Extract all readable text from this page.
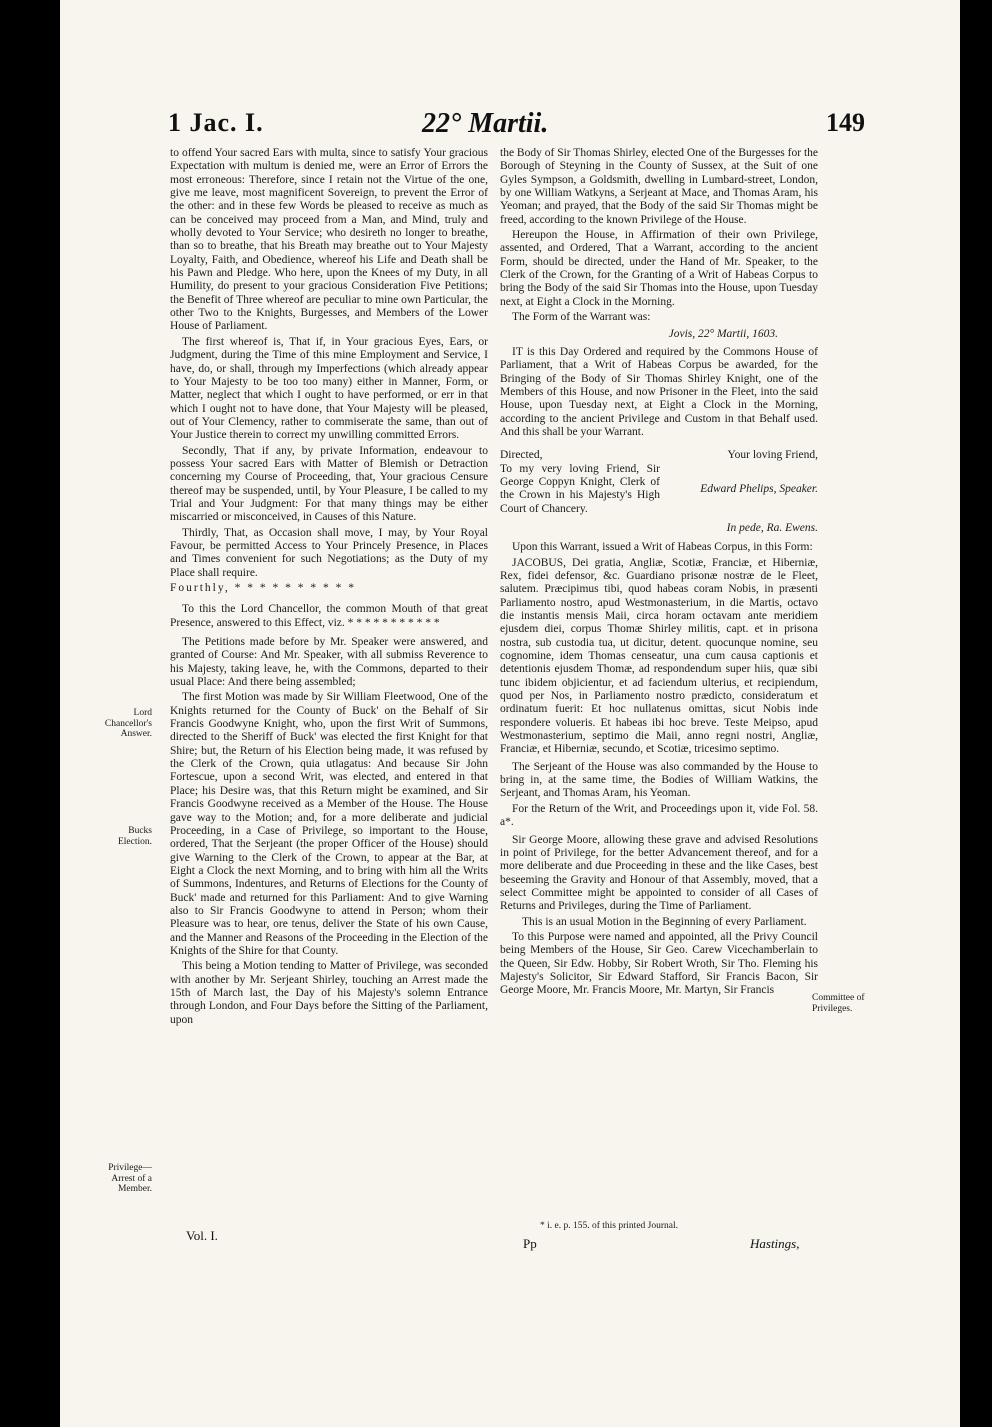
1 Jac. I.	22° Martii.	149
Lord Chancellor's Answer.
Bucks Election.
Privilege—Arrest of a Member.
Committee of Privileges.

to offend Your sacred Ears with multa, since to satisfy Your gracious Expectation with multum is denied me, were an Error of Errors the most erroneous: Therefore, since I retain not the Virtue of the one, give me leave, most magnificent Sovereign, to prevent the Error of the other: and in these few Words be pleased to receive as much as can be conceived may proceed from a Man, and Mind, truly and wholly devoted to Your Service; who desireth no longer to breathe, than so to breathe, that his Breath may breathe out to Your Majesty Loyalty, Faith, and Obedience, whereof his Life and Death shall be his Pawn and Pledge. Who here, upon the Knees of my Duty, in all Humility, do present to your gracious Consideration Five Petitions; the Benefit of Three whereof are peculiar to mine own Particular, the other Two to the Knights, Burgesses, and Members of the Lower House of Parliament.

The first whereof is, That if, in Your gracious Eyes, Ears, or Judgment, during the Time of this mine Employment and Service, I have, do, or shall, through my Imperfections (which already appear to Your Majesty to be too too many) either in Manner, Form, or Matter, neglect that which I ought to have performed, or err in that which I ought not to have done, that Your Majesty will be pleased, out of Your Clemency, rather to commiserate the same, than out of Your Justice therein to correct my unwilling committed Errors.

Secondly, That if any, by private Information, endeavour to possess Your sacred Ears with Matter of Blemish or Detraction concerning my Course of Proceeding, that, Your gracious Censure thereof may be suspended, until, by Your Pleasure, I be called to my Trial and Your Judgment: For that many things may be either miscarried or misconceived, in Causes of this Nature.

Thirdly, That, as Occasion shall move, I may, by Your Royal Favour, be permitted Access to Your Princely Presence, in Places and Times convenient for such Negotiations; as the Duty of my Place shall require.

Fourthly, * * * * * * * * * *

To this the Lord Chancellor, the common Mouth of that great Presence, answered to this Effect, viz. * * * * * * * * * * *

The Petitions made before by Mr. Speaker were answered, and granted of Course: And Mr. Speaker, with all submiss Reverence to his Majesty, taking leave, he, with the Commons, departed to their usual Place: And there being assembled;

The first Motion was made by Sir William Fleetwood, One of the Knights returned for the County of Buck' on the Behalf of Sir Francis Goodwyne Knight, who, upon the first Writ of Summons, directed to the Sheriff of Buck' was elected the first Knight for that Shire; but, the Return of his Election being made, it was refused by the Clerk of the Crown, quia utlagatus: And because Sir John Fortescue, upon a second Writ, was elected, and entered in that Place; his Desire was, that this Return might be examined, and Sir Francis Goodwyne received as a Member of the House. The House gave way to the Motion; and, for a more deliberate and judicial Proceeding, in a Case of Privilege, so important to the House, ordered, That the Serjeant (the proper Officer of the House) should give Warning to the Clerk of the Crown, to appear at the Bar, at Eight a Clock the next Morning, and to bring with him all the Writs of Summons, Indentures, and Returns of Elections for the County of Buck' made and returned for this Parliament: And to give Warning also to Sir Francis Goodwyne to attend in Person; whom their Pleasure was to hear, ore tenus, deliver the State of his own Cause, and the Manner and Reasons of the Proceeding in the Election of the Knights of the Shire for that County.

This being a Motion tending to Matter of Privilege, was seconded with another by Mr. Serjeant Shirley, touching an Arrest made the 15th of March last, the Day of his Majesty's solemn Entrance through London, and Four Days before the Sitting of the Parliament, upon

the Body of Sir Thomas Shirley, elected One of the Burgesses for the Borough of Steyning in the County of Sussex, at the Suit of one Gyles Sympson, a Goldsmith, dwelling in Lumbard-street, London, by one William Watkyns, a Serjeant at Mace, and Thomas Aram, his Yeoman; and prayed, that the Body of the said Sir Thomas might be freed, according to the known Privilege of the House.

Hereupon the House, in Affirmation of their own Privilege, assented, and Ordered, That a Warrant, according to the ancient Form, should be directed, under the Hand of Mr. Speaker, to the Clerk of the Crown, for the Granting of a Writ of Habeas Corpus to bring the Body of the said Sir Thomas into the House, upon Tuesday next, at Eight a Clock in the Morning.

The Form of the Warrant was:

Jovis, 22° Martii, 1603.

IT is this Day Ordered and required by the Commons House of Parliament, that a Writ of Habeas Corpus be awarded, for the Bringing of the Body of Sir Thomas Shirley Knight, one of the Members of this House, and now Prisoner in the Fleet, into the said House, upon Tuesday next, at Eight a Clock in the Morning, according to the ancient Privilege and Custom in that Behalf used. And this shall be your Warrant.

Directed,	Your loving Friend,
To my very loving Friend, Sir George Coppyn Knight, Clerk of the Crown in his Majesty's High Court of Chancery.
Edward Phelips, Speaker.
In pede, Ra. Ewens.

Upon this Warrant, issued a Writ of Habeas Corpus, in this Form:

JACOBUS, Dei gratia, Angliæ, Scotiæ, Franciæ, et Hiberniæ, Rex, fidei defensor, &c. Guardiano prisonæ nostræ de le Fleet, salutem. Præcipimus tibi, quod habeas coram Nobis, in præsenti Parliamento nostro, apud Westmonasterium, in die Martis, octavo die instantis mensis Maii, circa horam octavam ante meridiem ejusdem diei, corpus Thomæ Shirley militis, capt. et in prisona nostra, sub custodia tua, ut dicitur, detent. quocunque nomine, seu cognomine, idem Thomas censeatur, una cum causa captionis et detentionis ejusdem Thomæ, ad respondendum super hiis, quæ sibi tunc ibidem objicientur, et ad faciendum ulterius, et recipiendum, quod per Nos, in Parliamento nostro prædicto, consideratum et ordinatum fuerit: Et hoc nullatenus omittas, sicut Nobis inde respondere volueris. Et habeas ibi hoc breve. Teste Meipso, apud Westmonasterium, septimo die Maii, anno regni nostri, Angliæ, Franciæ, et Hiberniæ, secundo, et Scotiæ, tricesimo septimo.

The Serjeant of the House was also commanded by the House to bring in, at the same time, the Bodies of William Watkins, the Serjeant, and Thomas Aram, his Yeoman.

For the Return of the Writ, and Proceedings upon it, vide Fol. 58. a*.

Sir George Moore, allowing these grave and advised Resolutions in point of Privilege, for the better Advancement thereof, and for a more deliberate and due Proceeding in these and the like Cases, best beseeming the Gravity and Honour of that Assembly, moved, that a select Committee might be appointed to consider of all Cases of Returns and Privileges, during the Time of Parliament.

This is an usual Motion in the Beginning of every Parliament.

To this Purpose were named and appointed, all the Privy Council being Members of the House, Sir Geo. Carew Vicechamberlain to the Queen, Sir Edw. Hobby, Sir Robert Wroth, Sir Tho. Fleming his Majesty's Solicitor, Sir Edward Stafford, Sir Francis Bacon, Sir George Moore, Mr. Francis Moore, Mr. Martyn, Sir Francis

Vol. I.
Pp
* i. e. p. 155. of this printed Journal.
Hastings,
